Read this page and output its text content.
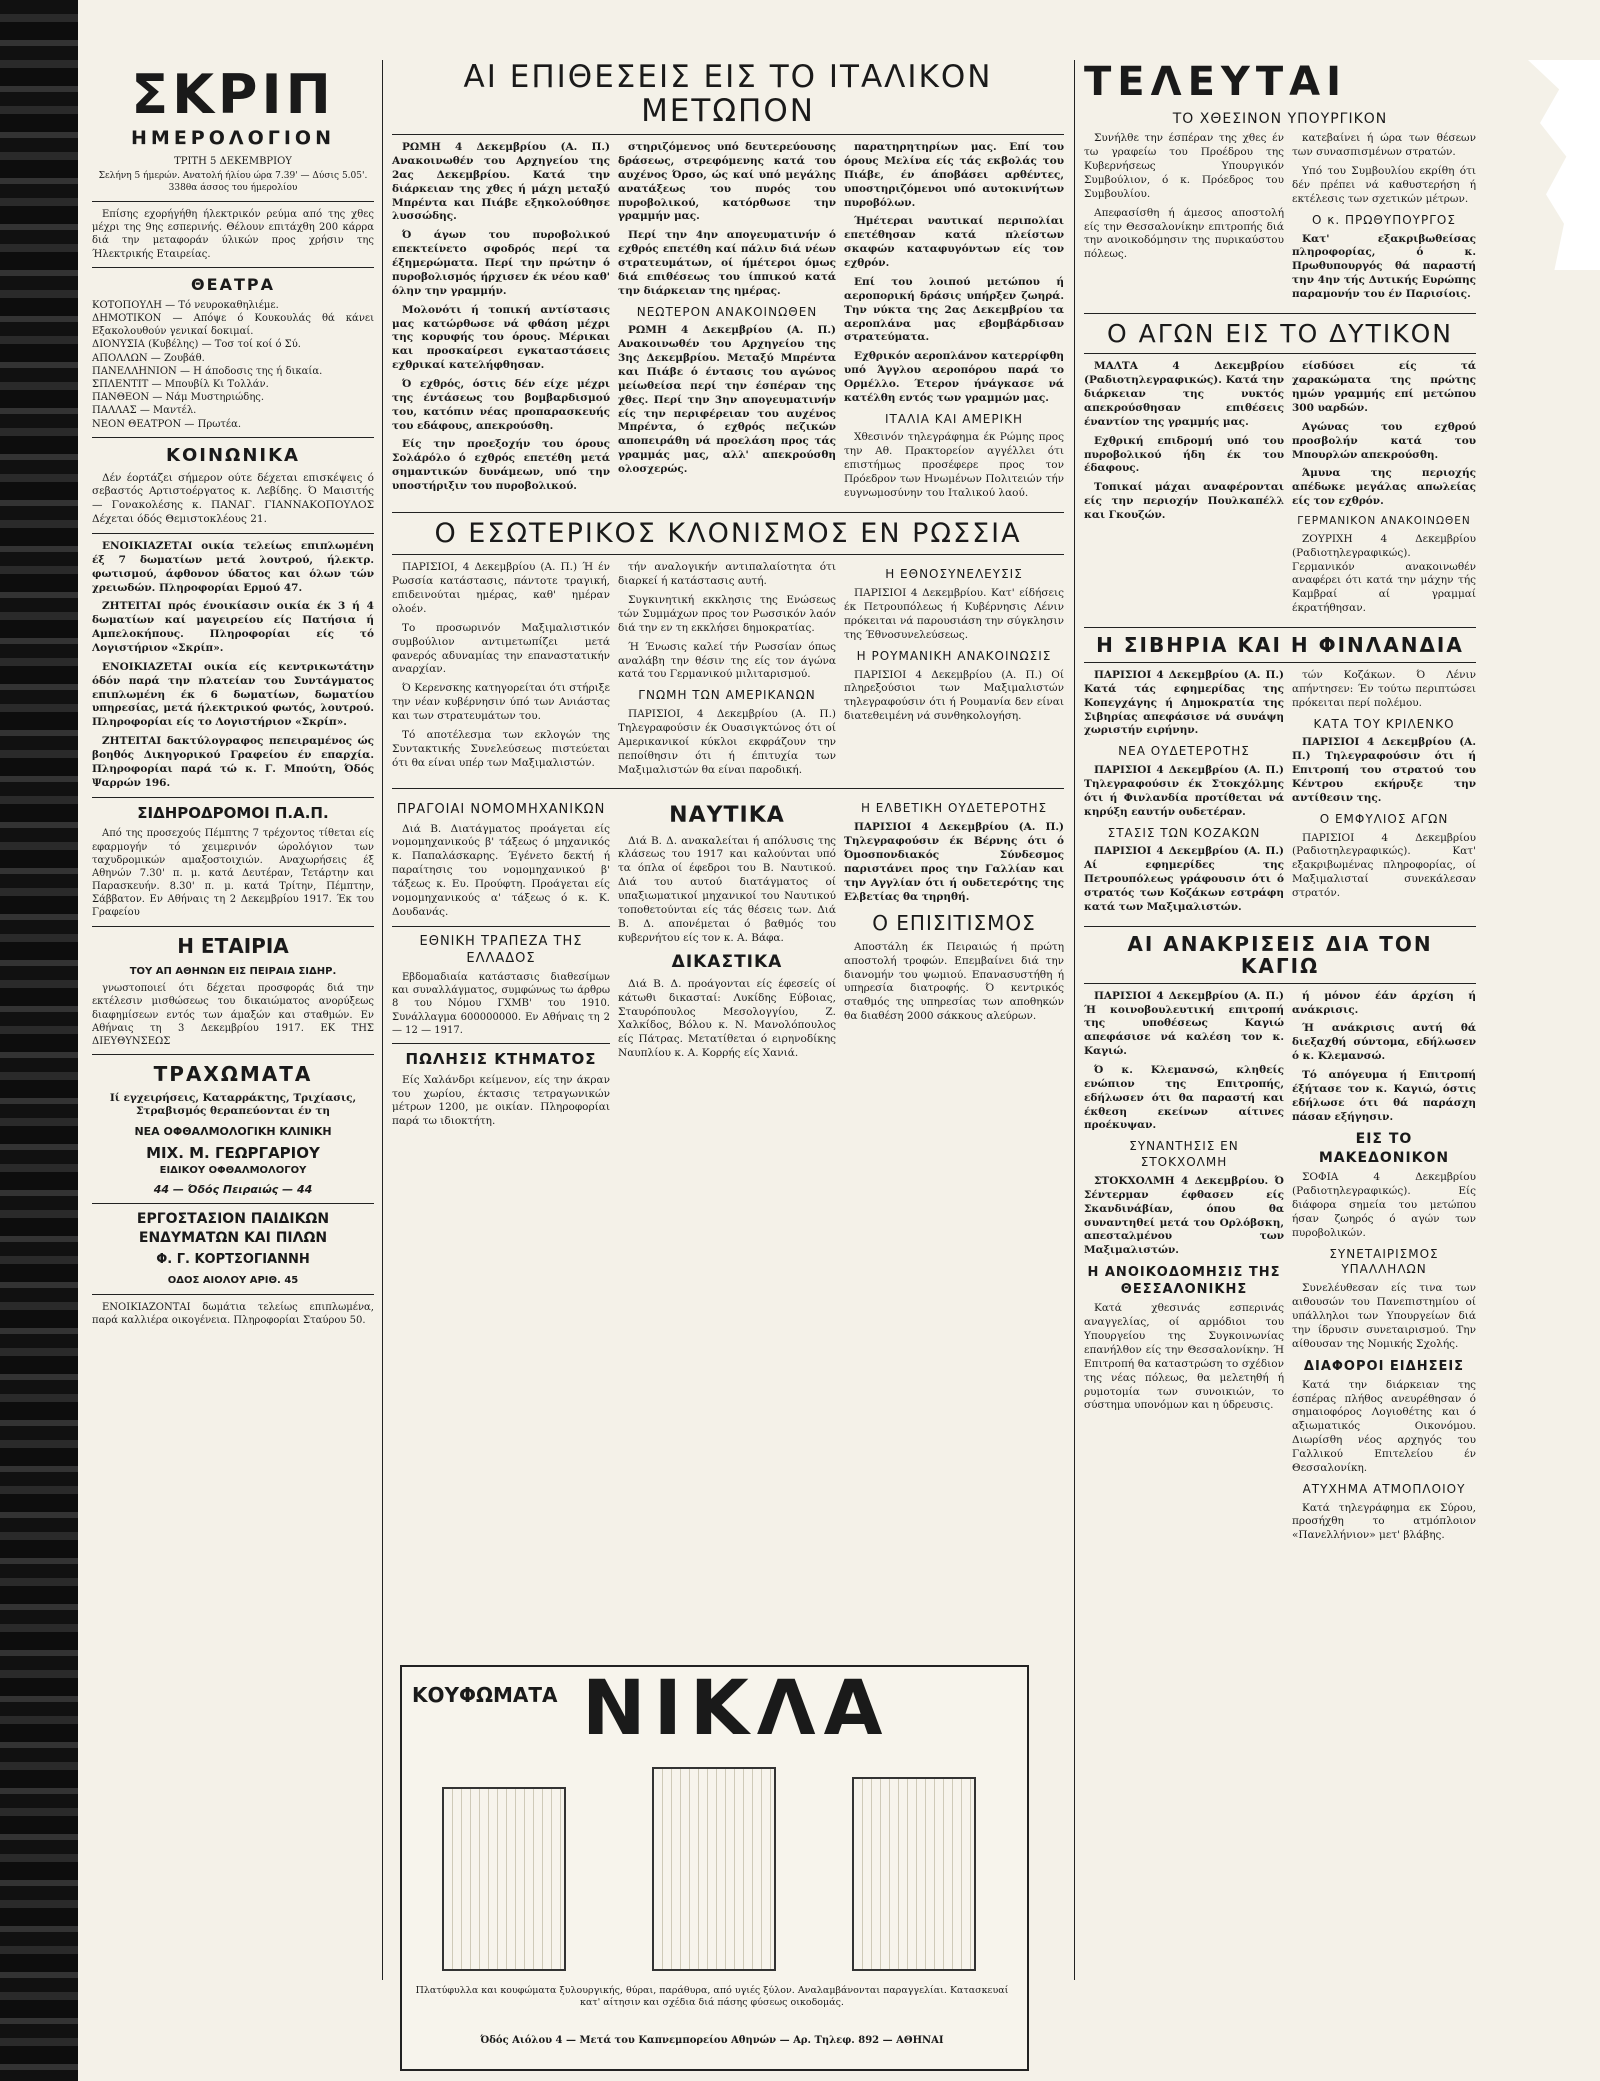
ΣΚΡΙΠ
ΗΜΕΡΟΛΟΓΙΟΝ
ΤΡΙΤΗ 5 ΔΕΚΕΜΒΡΙΟΥ
Σελήνη 5 ήμερών. Ανατολή ήλίου ώρα 7.39' — Δύσις 5.05'. 338θα άσσος του ήμερολίου

Επίσης εχορήγήθη ήλεκτρικόν ρεύμα από της χθες μέχρι της 9ης εσπερινής. Θέλουν επιτάχθη 200 κάρρα διά την μεταφοράν ύλικών προς χρήσιν της Ήλεκτρικής Εταιρείας.

ΘΕΑΤΡΑ
ΚΟΤΟΠΟΥΛΗ — Τό νευροκαθηλιέμε.
ΔΗΜΟΤΙΚΟΝ — Απόψε ό Κουκουλάς θά κάνει Εξακολουθούν γενικαί δοκιμαί.
ΔΙΟΝΥΣΙΑ (Κυβέλης) — Τοσ τοί κοί ό Σύ.
ΑΠΟΛΛΩΝ — Ζουβάθ.
ΠΑΝΕΛΛΗΝΙΟΝ — Η άποδοσις της ή δικαία.
ΣΠΛΕΝΤΙΤ — Μπουβίλ Κι Τολλάν.
ΠΑΝΘΕΟΝ — Νάμ Μυστηριώδης.
ΠΑΛΛΑΣ — Μαντέλ.
ΝΕΟΝ ΘΕΑΤΡΟΝ — Πρωτέα.
ΚΟΙΝΩΝΙΚΑ

Δέν έορτάζει σήμερον ούτε δέχεται επισκέψεις ό σεβαστός Αρτιστοέργατος κ. Λεβίδης. Ό Μαισιτής — Γονακολέσης κ. ΠΑΝΑΓ. ΓΙΑΝΝΑΚΟΠΟΥΛΟΣ Δέχεται όδός Θεμιστοκλέους 21.

ΕΝΟΙΚΙΑΖΕΤΑΙ οικία τελείως επιπλωμένη έξ 7 δωματίων μετά λουτρού, ήλεκτρ. φωτισμού, άφθονον ύδατος και όλων τών χρειωδών. Πληροφορίαι Ερμού 47.

ΖΗΤΕΙΤΑΙ πρός ένοικίασιν οικία έκ 3 ή 4 δωματίων καί μαγειρείου είς Πατήσια ή Αμπελοκήπους. Πληροφορίαι είς τό Λογιστήριον «Σκρίπ».

ΕΝΟΙΚΙΑΖΕΤΑΙ οικία είς κεντρικωτάτην όδόν παρά την πλατείαν του Συντάγματος επιπλωμένη έκ 6 δωματίων, δωματίου υπηρεσίας, μετά ήλεκτρικού φωτός, λουτρού. Πληροφορίαι είς το Λογιστήριον «Σκρίπ».

ΖΗΤΕΙΤΑΙ δακτύλογραφος πεπειραμένος ώς βοηθός Δικηγορικού Γραφείου έν επαρχία. Πληροφορίαι παρά τώ κ. Γ. Μπούτη, Όδός Ψαρρών 196.

ΣΙΔΗΡΟΔΡΟΜΟΙ Π.Α.Π.

Από της προσεχούς Πέμπτης 7 τρέχοντος τίθεται είς εφαρμογήν τό χειμερινόν ώρολόγιον των ταχυδρομικών αμαξοστοιχιών. Αναχωρήσεις έξ Αθηνών 7.30' π. μ. κατά Δευτέραν, Τετάρτην και Παρασκευήν. 8.30' π. μ. κατά Τρίτην, Πέμπτην, Σάββατον. Εν Αθήναις τη 2 Δεκεμβρίου 1917. Έκ του Γραφείου

Η ΕΤΑΙΡΙΑ
ΤΟΥ ΑΠ ΑΘΗΝΩΝ ΕΙΣ ΠΕΙΡΑΙΑ ΣΙΔΗΡ.

γνωστοποιεί ότι δέχεται προσφοράς διά την εκτέλεσιν μισθώσεως του δικαιώματος ανορύξεως διαφημίσεων εντός των άμαξών και σταθμών. Εν Αθήναις τη 3 Δεκεμβρίου 1917. ΕΚ ΤΗΣ ΔΙΕΥΘΥΝΣΕΩΣ

ΤΡΑΧΩΜΑΤΑ

Ιί εγχειρήσεις, Καταρράκτης, Τριχίασις, Στραβισμός θεραπεύονται έν τη

ΝΕΑ ΟΦΘΑΛΜΟΛΟΓΙΚΗ ΚΛΙΝΙΚΗ
ΜΙΧ. Μ. ΓΕΩΡΓΑΡΙΟΥ
ΕΙΔΙΚΟΥ ΟΦΘΑΛΜΟΛΟΓΟΥ
44 — Όδός Πειραιώς — 44
ΕΡΓΟΣΤΑΣΙΟΝ ΠΑΙΔΙΚΩΝ ΕΝΔΥΜΑΤΩΝ ΚΑΙ ΠΙΛΩΝ
Φ. Γ. ΚΟΡΤΣΟΓΙΑΝΝΗ
ΟΔΟΣ ΑΙΟΛΟΥ ΑΡΙΘ. 45

ΕΝΟΙΚΙΑΖΟΝΤΑΙ δωμάτια τελείως επιπλωμένα, παρά καλλιέρα οικογένεια. Πληροφορίαι Σταύρου 50.

ΑΙ ΕΠΙΘΕΣΕΙΣ ΕΙΣ ΤΟ ΙΤΑΛΙΚΟΝ ΜΕΤΩΠΟΝ

ΡΩΜΗ 4 Δεκεμβρίου (Α. Π.) Ανακοινωθέν του Αρχηγείου της 2ας Δεκεμβρίου. Κατά την διάρκειαν της χθες ή μάχη μεταξύ Μπρέντα και Πιάβε εξηκολούθησε λυσσώδης.

Ό άγων του πυροβολικού επεκτείνετο σφοδρός περί τα έξημερώματα. Περί την πρώτην ό πυροβολισμός ήρχισεν έκ νέου καθ' όλην την γραμμήν.

Μολονότι ή τοπική αντίστασις μας κατώρθωσε νά φθάση μέχρι της κορυφής του όρους. Μέρικαι και προσκαίρεσι εγκαταστάσεις εχθρικαί κατελήφθησαν.

Ό εχθρός, όστις δέν είχε μέχρι της έντάσεως του βομβαρδισμού του, κατόπιν νέας προπαρασκευής του εδάφους, απεκρούσθη.

Είς την προεξοχήν του όρους Σολάρόλο ό εχθρός επετέθη μετά σημαντικών δυνάμεων, υπό την υποστήριξιν του πυροβολικού.

στηριζόμενος υπό δευτερεύουσης δράσεως, στρεφόμενης κατά του αυχένος Όρσο, ώς καί υπό μεγάλης ανατάξεως του πυρός του πυροβολικού, κατόρθωσε την γραμμήν μας.

Περί την 4ην απογευματινήν ό εχθρός επετέθη καί πάλιν διά νέων στρατευμάτων, οί ήμέτεροι όμως διά επιθέσεως του ίππικού κατά την διάρκειαν της ημέρας.

ΝΕΩΤΕΡΟΝ ΑΝΑΚΟΙΝΩΘΕΝ

ΡΩΜΗ 4 Δεκεμβρίου (Α. Π.) Ανακοινωθέν του Αρχηγείου της 3ης Δεκεμβρίου. Μεταξύ Μπρέντα και Πιάβε ό έντασις του αγώνος μείωθείσα περί την έσπέραν της χθες. Περί την 3ην απογευματινήν είς την περιφέρειαν του αυχένος Μπρέντα, ό εχθρός πεζικών αποπειράθη νά προελάση προς τάς γραμμάς μας, αλλ' απεκρούσθη ολοσχερώς.

παρατηρητηρίων μας. Επί του όρους Μελίνα είς τάς εκβολάς του Πιάβε, έν άποβάσει αρθέντες, υποστηριζόμενοι υπό αυτοκινήτων πυροβόλων.

Ήμέτεραι ναυτικαί περιπολίαι επετέθησαν κατά πλείστων σκαφών καταφυγόντων είς τον εχθρόν.

Επί του λοιπού μετώπου ή αεροπορική δράσις υπήρξεν ζωηρά. Την νύκτα της 2ας Δεκεμβρίου τα αεροπλάνα μας εβομβάρδισαν στρατεύματα.

Εχθρικόν αεροπλάνον κατερρίφθη υπό Άγγλου αεροπόρου παρά το Ορμέλλο. Έτερον ήνάγκασε νά κατέλθη εντός των γραμμών μας.

ΙΤΑΛΙΑ ΚΑΙ ΑΜΕΡΙΚΗ

Χθεσινόν τηλεγράφημα έκ Ρώμης προς την Αθ. Πρακτορείον αγγέλλει ότι επιστήμως προσέφερε προς τον Πρόεδρον των Ηνωμένων Πολιτειών τήν ευγνωμοσύνην του Ιταλικού λαού.

Ο ΕΣΩΤΕΡΙΚΟΣ ΚΛΟΝΙΣΜΟΣ ΕΝ ΡΩΣΣΙΑ

ΠΑΡΙΣΙΟΙ, 4 Δεκεμβρίου (Α. Π.) Ή έν Ρωσσία κατάστασις, πάντοτε τραγική, επιδεινούται ημέρας, καθ' ημέραν ολοέν.

Το προσωρινόν Μαξιμαλιστικόν συμβούλιον αντιμετωπίζει μετά φανερός αδυναμίας την επαναστατικήν αναρχίαν.

Ό Κερενσκης κατηγορείται ότι στήριξε την νέαν κυβέρνησιν ύπό των Ανιάστας και των στρατευμάτων του.

Τό αποτέλεσμα των εκλογών της Συντακτικής Συνελεύσεως πιστεύεται ότι θα είναι υπέρ των Μαξιμαλιστών.

τήν αναλογικήν αντιπαλαίοτητα ότι διαρκεί ή κατάστασις αυτή.

Συγκινητική εκκλησις της Ενώσεως τών Συμμάχων προς τον Ρωσσικόν λαόν διά την εν τη εκκλήσει δημοκρατίας.

Ή Ένωσις καλεί τήν Ρωσσίαν όπως αναλάβη την θέσιν της είς τον άγώνα κατά του Γερμανικού μιλιταρισμού.

ΓΝΩΜΗ ΤΩΝ ΑΜΕΡΙΚΑΝΩΝ

ΠΑΡΙΣΙΟΙ, 4 Δεκεμβρίου (Α. Π.) Τηλεγραφούσιν έκ Ουασιγκτώνος ότι οί Αμερικανικοί κύκλοι εκφράζουν την πεποίθησιν ότι ή έπιτυχία των Μαξιμαλιστών θα είναι παροδική.

Η ΕΘΝΟΣΥΝΕΛΕΥΣΙΣ

ΠΑΡΙΣΙΟΙ 4 Δεκεμβρίου. Κατ' είδήσεις έκ Πετρουπόλεως ή Κυβέρνησις Λένιν πρόκειται νά παρουσιάση την σύγκλησιν της Έθνοσυνελεύσεως.

Η ΡΟΥΜΑΝΙΚΗ ΑΝΑΚΟΙΝΩΣΙΣ

ΠΑΡΙΣΙΟΙ 4 Δεκεμβρίου (Α. Π.) Οί πληρεξούσιοι των Μαξιμαλιστών τηλεγραφούσιν ότι ή Ρουμανία δεν είναι διατεθειμένη νά συνθηκολογήση.

ΠΡΑΓΟΙΑΙ ΝΟΜΟΜΗΧΑΝΙΚΩΝ

Διά Β. Διατάγματος προάγεται είς νομομηχανικούς β' τάξεως ό μηχανικός κ. Παπαλάσκαρης. Έγένετο δεκτή ή παραίτησις του νομομηχανικού β' τάξεως κ. Ευ. Προύφτη. Προάγεται είς νομομηχανικούς α' τάξεως ό κ. Κ. Δουδανάς.

ΕΘΝΙΚΗ ΤΡΑΠΕΖΑ ΤΗΣ ΕΛΛΑΔΟΣ

Εβδομαδιαία κατάστασις διαθεσίμων και συναλλάγματος, συμφώνως τω άρθρω 8 του Νόμου ΓΧΜΒ' του 1910. Συνάλλαγμα 600000000. Εν Αθήναις τη 2 — 12 — 1917.

ΠΩΛΗΣΙΣ ΚΤΗΜΑΤΟΣ

Είς Χαλάνδρι κείμενον, είς την άκραν του χωρίου, έκτασις τετραγωνικών μέτρων 1200, με οικίαν. Πληροφορίαι παρά τω ιδιοκτήτη.

ΝΑΥΤΙΚΑ

Διά Β. Δ. ανακαλείται ή απόλυσις της κλάσεως του 1917 και καλούνται υπό τα όπλα οί έφεδροι του Β. Ναυτικού. Διά του αυτού διατάγματος οί υπαξιωματικοί μηχανικοί του Ναυτικού τοποθετούνται είς τάς θέσεις των. Διά Β. Δ. απονέμεται ό βαθμός του κυβερνήτου είς τον κ. Α. Βάφα.

ΔΙΚΑΣΤΙΚΑ

Διά Β. Δ. προάγονται είς έφεσείς οί κάτωθι δικασταί: Λυκίδης Εύβοιας, Σταυρόπουλος Μεσολογγίου, Ζ. Χαλκίδος, Βόλου κ. Ν. Μανολόπουλος είς Πάτρας. Μετατίθεται ό ειρηνοδίκης Ναυπλίου κ. Α. Κορρής είς Χανιά.

Η ΕΛΒΕΤΙΚΗ ΟΥΔΕΤΕΡΟΤΗΣ

ΠΑΡΙΣΙΟΙ 4 Δεκεμβρίου (Α. Π.) Τηλεγραφούσιν έκ Βέρνης ότι ό Όμοσπονδιακός Σύνδεσμος παριστάνει προς την Γαλλίαν και την Αγγλίαν ότι ή ουδετερότης της Ελβετίας θα τηρηθή.

Ο ΕΠΙΣΙΤΙΣΜΟΣ

Αποστάλη έκ Πειραιώς ή πρώτη αποστολή τροφών. Επεμβαίνει διά την διανομήν του ψωμιού. Επανασυστήθη ή υπηρεσία διατροφής. Ό κεντρικός σταθμός της υπηρεσίας των αποθηκών θα διαθέση 2000 σάκκους αλεύρων.

ΚΟΥΦΩΜΑΤΑ ΝΙΚΛΑ
Πλατύφυλλα και κουφώματα ξυλουργικής, θύραι, παράθυρα, από υγιές ξύλον. Αναλαμβάνονται παραγγελίαι. Κατασκευαί κατ' αίτησιν και σχέδια διά πάσης φύσεως οικοδομάς.
Όδός Αιόλου 4 — Μετά του Καπνεμπορείου Αθηνών — Αρ. Τηλεφ. 892 — ΑΘΗΝΑΙ
ΤΕΛΕΥΤΑΙ
ΤΟ ΧΘΕΣΙΝΟΝ ΥΠΟΥΡΓΙΚΟΝ

Συνήλθε την έσπέραν της χθες έν τω γραφείω του Προέδρου της Κυβερνήσεως Υπουργικόν Συμβούλιον, ό κ. Πρόεδρος του Συμβουλίου.

Απεφασίσθη ή άμεσος αποστολή είς την Θεσσαλονίκην επιτροπής διά την ανοικοδόμησιν της πυρικαύστου πόλεως.

κατεβαίνει ή ώρα των θέσεων των συνασπισμένων στρατών.

Υπό του Συμβουλίου εκρίθη ότι δέν πρέπει νά καθυστερήση ή εκτέλεσις των σχετικών μέτρων.

Ο κ. ΠΡΩΘΥΠΟΥΡΓΟΣ

Κατ' εξακριβωθείσας πληροφορίας, ό κ. Πρωθυπουργός θά παραστή την 4ην τής Δυτικής Ευρώπης παραμονήν του έν Παρισίοις.

Ο ΑΓΩΝ ΕΙΣ ΤΟ ΔΥΤΙΚΟΝ

ΜΑΛΤΑ 4 Δεκεμβρίου (Ραδιοτηλεγραφικώς). Κατά την διάρκειαν της νυκτός απεκρούσθησαν επιθέσεις έναντίον της γραμμής μας.

Εχθρική επιδρομή υπό του πυροβολικού ήδη έκ του έδαφους.

Τοπικαί μάχαι αναφέρονται είς την περιοχήν Πουλκαπέλλ και Γκουζών.

είσδύσει είς τά χαρακώματα της πρώτης ημών γραμμής επί μετώπου 300 υαρδών.

Αγώνας του εχθρού προσβολήν κατά του Μπουρλών απεκρούσθη.

Άμυνα της περιοχής απέδωκε μεγάλας απωλείας είς τον εχθρόν.

ΓΕΡΜΑΝΙΚΟΝ ΑΝΑΚΟΙΝΩΘΕΝ

ΖΟΥΡΙΧΗ 4 Δεκεμβρίου (Ραδιοτηλεγραφικώς). Γερμανικόν ανακοινωθέν αναφέρει ότι κατά την μάχην τής Καμβραί αί γραμμαί έκρατήθησαν.

Η ΣΙΒΗΡΙΑ ΚΑΙ Η ΦΙΝΛΑΝΔΙΑ

ΠΑΡΙΣΙΟΙ 4 Δεκεμβρίου (Α. Π.) Κατά τάς εφημερίδας της Κοπεγχάγης ή Δημοκρατία της Σιβηρίας απεφάσισε νά συνάψη χωριστήν ειρήνην.

ΝΕΑ ΟΥΔΕΤΕΡΟΤΗΣ

ΠΑΡΙΣΙΟΙ 4 Δεκεμβρίου (Α. Π.) Τηλεγραφούσιν έκ Στοκχόλμης ότι ή Φινλανδία προτίθεται νά κηρύξη εαυτήν ουδετέραν.

ΣΤΑΣΙΣ ΤΩΝ ΚΟΖΑΚΩΝ

ΠΑΡΙΣΙΟΙ 4 Δεκεμβρίου (Α. Π.) Αί εφημερίδες της Πετρουπόλεως γράφουσιν ότι ό στρατός των Κοζάκων εστράφη κατά των Μαξιμαλιστών.

τών Κοζάκων. Ό Λένιν απήντησεν: Έν τούτω περιπτώσει πρόκειται περί πολέμου.

ΚΑΤΑ ΤΟΥ ΚΡΙΛΕΝΚΟ

ΠΑΡΙΣΙΟΙ 4 Δεκεμβρίου (Α. Π.) Τηλεγραφούσιν ότι ή Επιτροπή του στρατού του Κέντρου εκήρυξε την αντίθεσιν της.

Ο ΕΜΦΥΛΙΟΣ ΑΓΩΝ

ΠΑΡΙΣΙΟΙ 4 Δεκεμβρίου (Ραδιοτηλεγραφικώς). Κατ' εξακριβωμένας πληροφορίας, οί Μαξιμαλισταί συνεκάλεσαν στρατόν.

ΑΙ ΑΝΑΚΡΙΣΕΙΣ ΔΙΑ ΤΟΝ ΚΑΓΙΩ

ΠΑΡΙΣΙΟΙ 4 Δεκεμβρίου (Α. Π.) Ή κοινοβουλευτική επιτροπή της υποθέσεως Καγιώ απεφάσισε νά καλέση τον κ. Καγιώ.

Ό κ. Κλεμανσώ, κληθείς ενώπιον της Επιτροπής, εδήλωσεν ότι θα παραστή και έκθεση εκείνων αίτινες προέκυψαν.

ΣΥΝΑΝΤΗΣΙΣ ΕΝ ΣΤΟΚΧΟΛΜΗ

ΣΤΟΚΧΟΛΜΗ 4 Δεκεμβρίου. Ό Σέντερμαν έφθασεν είς Σκανδινάβίαν, όπου θα συναντηθεί μετά του Ορλόβσκη, απεσταλμένου των Μαξιμαλιστών.

Η ΑΝΟΙΚΟΔΟΜΗΣΙΣ ΤΗΣ ΘΕΣΣΑΛΟΝΙΚΗΣ

Κατά χθεσινάς εσπερινάς αναγγελίας, οί αρμόδιοι του Υπουργείου της Συγκοινωνίας επανήλθον είς την Θεσσαλονίκην. Ή Επιτροπή θα καταστρώση το σχέδιον της νέας πόλεως, θα μελετηθή ή ρυμοτομία των συνοικιών, το σύστημα υπονόμων και η ύδρευσις.

ή μόνον έάν άρχίση ή ανάκρισις.

Ή ανάκρισις αυτή θά διεξαχθή σύντομα, εδήλωσεν ό κ. Κλεμανσώ.

Τό απόγευμα ή Επιτροπή έξήτασε τον κ. Καγιώ, όστις εδήλωσε ότι θά παράσχη πάσαν εξήγησιν.

ΕΙΣ ΤΟ ΜΑΚΕΔΟΝΙΚΟΝ

ΣΟΦΙΑ 4 Δεκεμβρίου (Ραδιοτηλεγραφικώς). Είς διάφορα σημεία του μετώπου ήσαν ζωηρός ό αγών των πυροβολικών.

ΣΥΝΕΤΑΙΡΙΣΜΟΣ ΥΠΑΛΛΗΛΩΝ

Συνελέυθεσαν είς τινα των αιθουσών του Πανεπιστημίου οί υπάλληλοι των Υπουργείων διά την ίδρυσιν συνεταιρισμού. Την αίθουσαν της Νομικής Σχολής.

ΔΙΑΦΟΡΟΙ ΕΙΔΗΣΕΙΣ

Κατά την διάρκειαν της έσπέρας πλήθος ανευρέθησαν ό σημαιοφόρος Λογιοθέτης και ό αξιωματικός Οικονόμου. Διωρίσθη νέος αρχηγός του Γαλλικού Επιτελείου έν Θεσσαλονίκη.

ΑΤΥΧΗΜΑ ΑΤΜΟΠΛΟΙΟΥ

Κατά τηλεγράφημα εκ Σύρου, προσήχθη το ατμόπλοιον «Πανελλήνιον» μετ' βλάβης.
